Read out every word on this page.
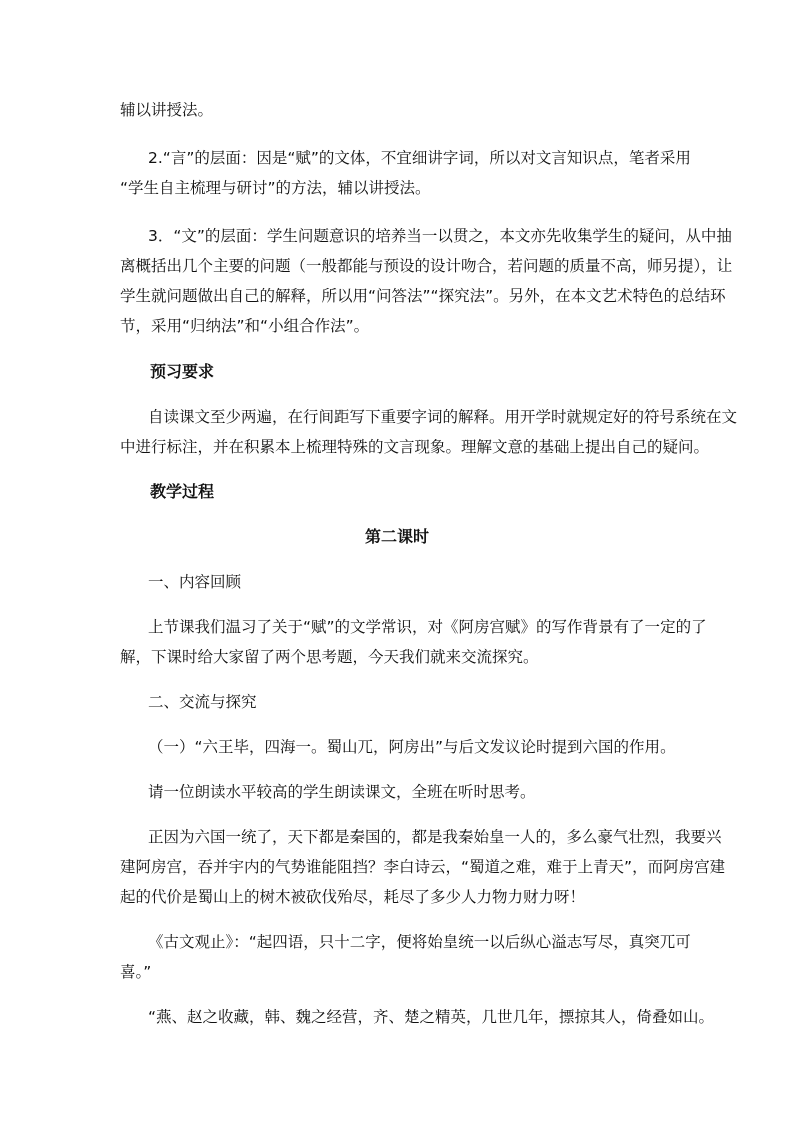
辅以讲授法。
2.“言”的层面：因是“赋”的文体，不宜细讲字词，所以对文言知识点，笔者采用
“学生自主梳理与研讨”的方法，辅以讲授法。
3．“文”的层面：学生问题意识的培养当一以贯之，本文亦先收集学生的疑问，从中抽
离概括出几个主要的问题（一般都能与预设的设计吻合，若问题的质量不高，师另提），让
学生就问题做出自己的解释，所以用“问答法”“探究法”。另外，在本文艺术特色的总结环
节，采用“归纳法”和“小组合作法”。
预习要求
自读课文至少两遍，在行间距写下重要字词的解释。用开学时就规定好的符号系统在文
中进行标注，并在积累本上梳理特殊的文言现象。理解文意的基础上提出自己的疑问。
教学过程
第二课时
一、内容回顾
上节课我们温习了关于“赋”的文学常识，对《阿房宫赋》的写作背景有了一定的了
解，下课时给大家留了两个思考题，今天我们就来交流探究。
二、交流与探究
（一）“六王毕，四海一。蜀山兀，阿房出”与后文发议论时提到六国的作用。
请一位朗读水平较高的学生朗读课文，全班在听时思考。
正因为六国一统了，天下都是秦国的，都是我秦始皇一人的，多么豪气壮烈，我要兴
建阿房宫，吞并宇内的气势谁能阻挡？李白诗云，“蜀道之难，难于上青天”，而阿房宫建
起的代价是蜀山上的树木被砍伐殆尽，耗尽了多少人力物力财力呀！
《古文观止》：“起四语，只十二字，便将始皇统一以后纵心溢志写尽，真突兀可
喜。”
“燕、赵之收藏，韩、魏之经营，齐、楚之精英，几世几年，摽掠其人，倚叠如山。
